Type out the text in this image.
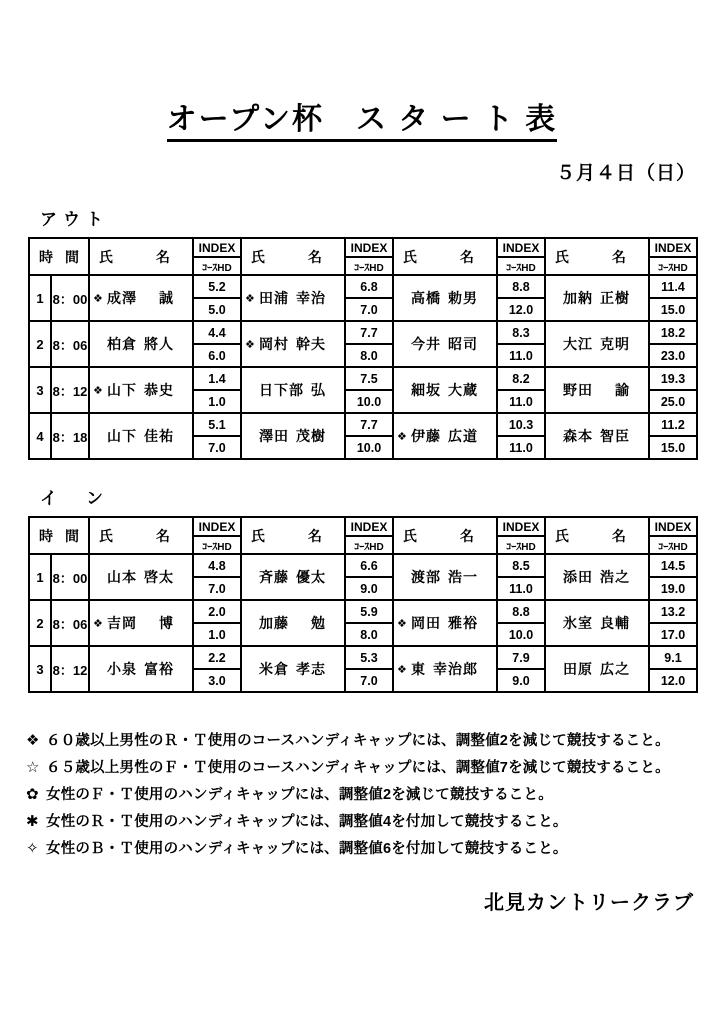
オープン杯　ス タ ー ト 表
５月４日（日）
アウト
時 間		氏 名	INDEX	氏 名	INDEX	氏 名	INDEX	氏 名	INDEX
			ｺｰｽHD		ｺｰｽHD		ｺｰｽHD		ｺｰｽHD
1	8：00	❖ 成澤 誠	5.2	❖ 田浦 幸治	6.8	高橋 勅男	8.8	加納 正樹	11.4
			5.0		7.0		12.0		15.0
2	8：06	柏倉 將人	4.4	❖ 岡村 幹夫	7.7	今井 昭司	8.3	大江 克明	18.2
			6.0		8.0		11.0		23.0
3	8：12	❖ 山下 恭史	1.4	日下部 弘	7.5	細坂 大蔵	8.2	野田 諭	19.3
			1.0		10.0		11.0		25.0
4	8：18	山下 佳祐	5.1	澤田 茂樹	7.7	❖ 伊藤 広道	10.3	森本 智臣	11.2
			7.0		10.0		11.0		15.0
イ　ン
時 間		氏 名	INDEX	氏 名	INDEX	氏 名	INDEX	氏 名	INDEX
			ｺｰｽHD		ｺｰｽHD		ｺｰｽHD		ｺｰｽHD
1	8：00	山本 啓太	4.8	斉藤 優太	6.6	渡部 浩一	8.5	添田 浩之	14.5
			7.0		9.0		11.0		19.0
2	8：06	❖ 吉岡 博	2.0	加藤 勉	5.9	❖ 岡田 雅裕	8.8	氷室 良輔	13.2
			1.0		8.0		10.0		17.0
3	8：12	小泉 富裕	2.2	米倉 孝志	5.3	❖ 東 幸治郎	7.9	田原 広之	9.1
			3.0		7.0		9.0		12.0
❖ ６０歳以上男性のＲ・Ｔ使用のコースハンディキャップには、調整値2を減じて競技すること。
☆ ６５歳以上男性のＦ・Ｔ使用のコースハンディキャップには、調整値7を減じて競技すること。
✿ 女性のＦ・Ｔ使用のハンディキャップには、調整値2を減じて競技すること。
✱ 女性のＲ・Ｔ使用のハンディキャップには、調整値4を付加して競技すること。
✧ 女性のＢ・Ｔ使用のハンディキャップには、調整値6を付加して競技すること。
北見カントリークラブ
